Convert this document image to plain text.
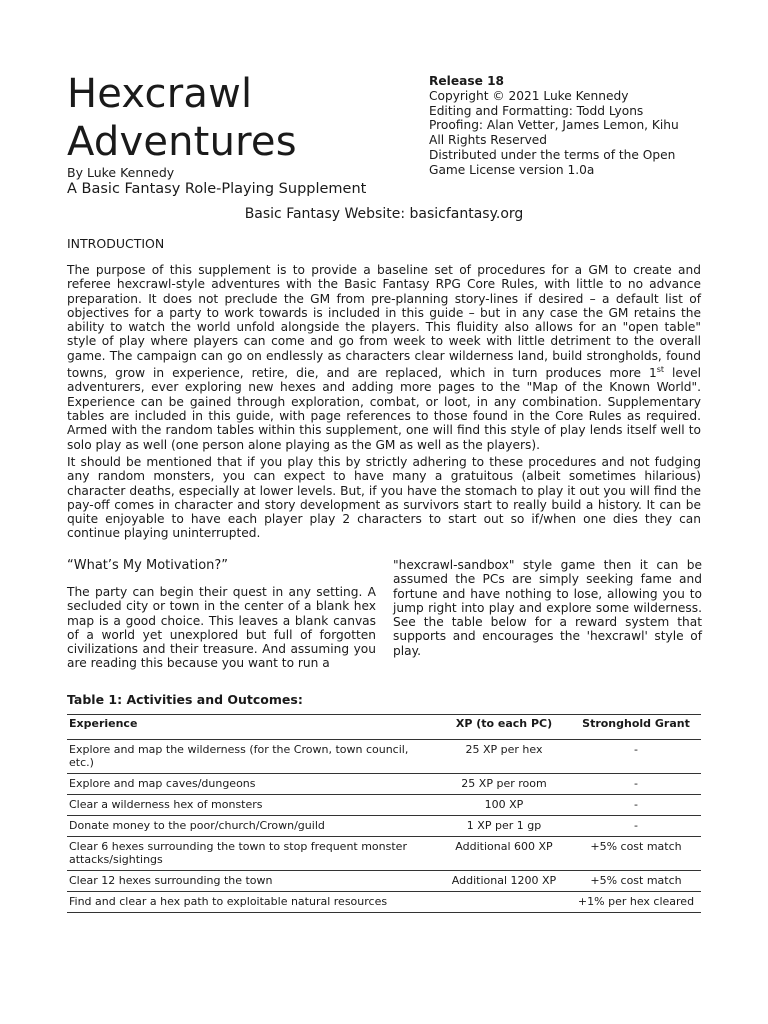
Hexcrawl
Adventures
By Luke Kennedy
A Basic Fantasy Role-Playing Supplement
Release 18
Copyright © 2021 Luke Kennedy
Editing and Formatting: Todd Lyons
Proofing: Alan Vetter, James Lemon, Kihu
All Rights Reserved
Distributed under the terms of the Open
Game License version 1.0a
Basic Fantasy Website: basicfantasy.org
INTRODUCTION

The purpose of this supplement is to provide a baseline set of procedures for a GM to create and referee hexcrawl-style adventures with the Basic Fantasy RPG Core Rules, with little to no advance preparation. It does not preclude the GM from pre-planning story-lines if desired – a default list of objectives for a party to work towards is included in this guide – but in any case the GM retains the ability to watch the world unfold alongside the players. This fluidity also allows for an "open table" style of play where players can come and go from week to week with little detriment to the overall game. The campaign can go on endlessly as characters clear wilderness land, build strongholds, found towns, grow in experience, retire, die, and are replaced, which in turn produces more 1st level adventurers, ever exploring new hexes and adding more pages to the "Map of the Known World". Experience can be gained through exploration, combat, or loot, in any combination. Supplementary tables are included in this guide, with page references to those found in the Core Rules as required. Armed with the random tables within this supplement, one will find this style of play lends itself well to solo play as well (one person alone playing as the GM as well as the players).

It should be mentioned that if you play this by strictly adhering to these procedures and not fudging any random monsters, you can expect to have many a gratuitous (albeit sometimes hilarious) character deaths, especially at lower levels. But, if you have the stomach to play it out you will find the pay-off comes in character and story development as survivors start to really build a history. It can be quite enjoyable to have each player play 2 characters to start out so if/when one dies they can continue playing uninterrupted.

“What’s My Motivation?”

The party can begin their quest in any setting. A secluded city or town in the center of a blank hex map is a good choice. This leaves a blank canvas of a world yet unexplored but full of forgotten civilizations and their treasure. And assuming you are reading this because you want to run a

"hexcrawl-sandbox" style game then it can be assumed the PCs are simply seeking fame and fortune and have nothing to lose, allowing you to jump right into play and explore some wilderness. See the table below for a reward system that supports and encourages the 'hexcrawl' style of play.

Table 1: Activities and Outcomes:
Experience	XP (to each PC)	Stronghold Grant
Explore and map the wilderness (for the Crown, town council, etc.)	25 XP per hex	-
Explore and map caves/dungeons	25 XP per room	-
Clear a wilderness hex of monsters	100 XP	-
Donate money to the poor/church/Crown/guild	1 XP per 1 gp	-
Clear 6 hexes surrounding the town to stop frequent monster attacks/sightings	Additional 600 XP	+5% cost match
Clear 12 hexes surrounding the town	Additional 1200 XP	+5% cost match
Find and clear a hex path to exploitable natural resources		+1% per hex cleared
